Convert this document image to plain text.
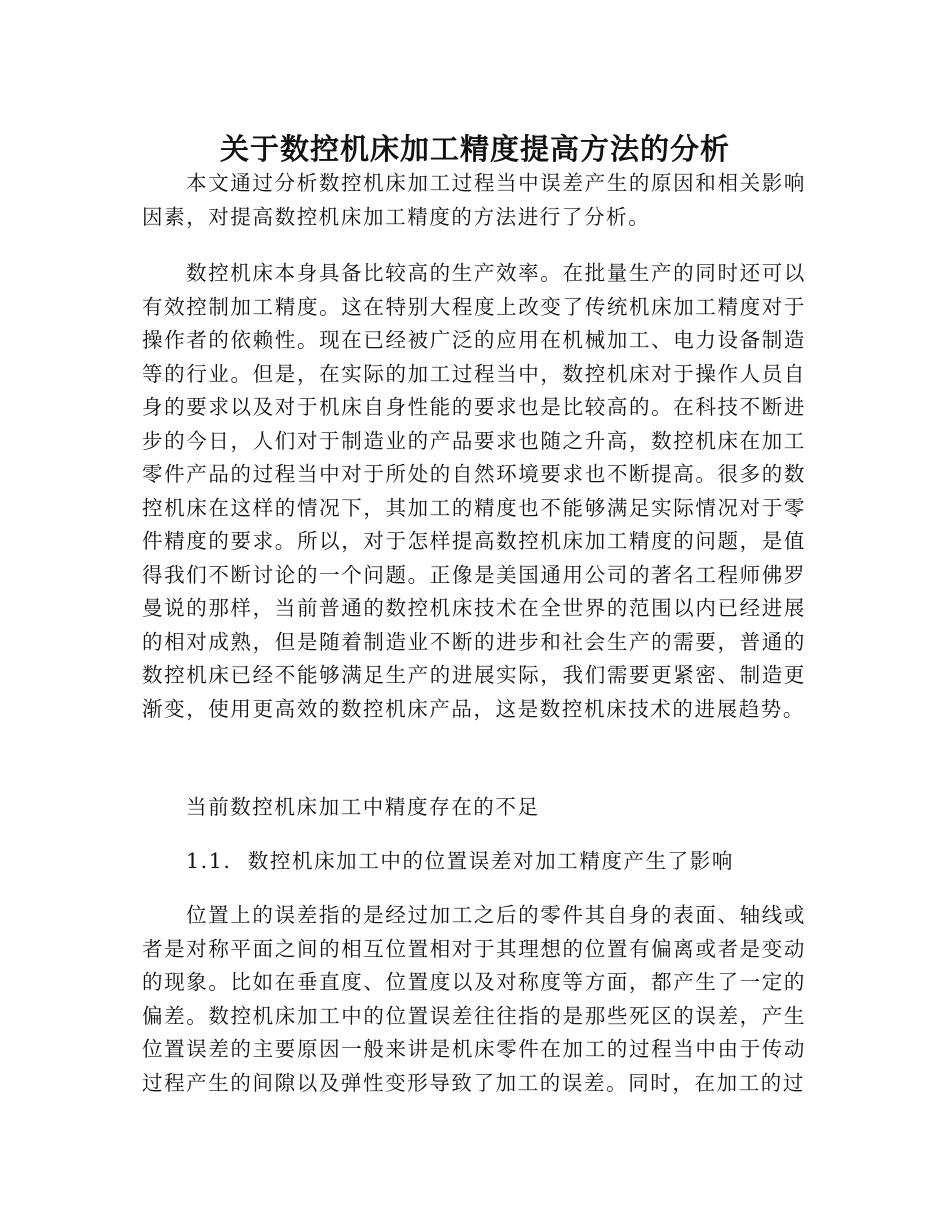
关于数控机床加工精度提高方法的分析

本文通过分析数控机床加工过程当中误差产生的原因和相关影响因素，对提高数控机床加工精度的方法进行了分析。

数控机床本身具备比较高的生产效率。在批量生产的同时还可以有效控制加工精度。这在特别大程度上改变了传统机床加工精度对于操作者的依赖性。现在已经被广泛的应用在机械加工、电力设备制造等的行业。但是，在实际的加工过程当中，数控机床对于操作人员自身的要求以及对于机床自身性能的要求也是比较高的。在科技不断进步的今日，人们对于制造业的产品要求也随之升高，数控机床在加工零件产品的过程当中对于所处的自然环境要求也不断提高。很多的数控机床在这样的情况下，其加工的精度也不能够满足实际情况对于零件精度的要求。所以，对于怎样提高数控机床加工精度的问题，是值得我们不断讨论的一个问题。正像是美国通用公司的著名工程师佛罗曼说的那样，当前普通的数控机床技术在全世界的范围以内已经进展的相对成熟，但是随着制造业不断的进步和社会生产的需要，普通的数控机床已经不能够满足生产的进展实际，我们需要更紧密、制造更渐变，使用更高效的数控机床产品，这是数控机床技术的进展趋势。

当前数控机床加工中精度存在的不足

1.1. 数控机床加工中的位置误差对加工精度产生了影响

位置上的误差指的是经过加工之后的零件其自身的表面、轴线或者是对称平面之间的相互位置相对于其理想的位置有偏离或者是变动的现象。比如在垂直度、位置度以及对称度等方面，都产生了一定的偏差。数控机床加工中的位置误差往往指的是那些死区的误差，产生位置误差的主要原因一般来讲是机床零件在加工的过程当中由于传动过程产生的间隙以及弹性变形导致了加工的误差。同时，在加工的过
